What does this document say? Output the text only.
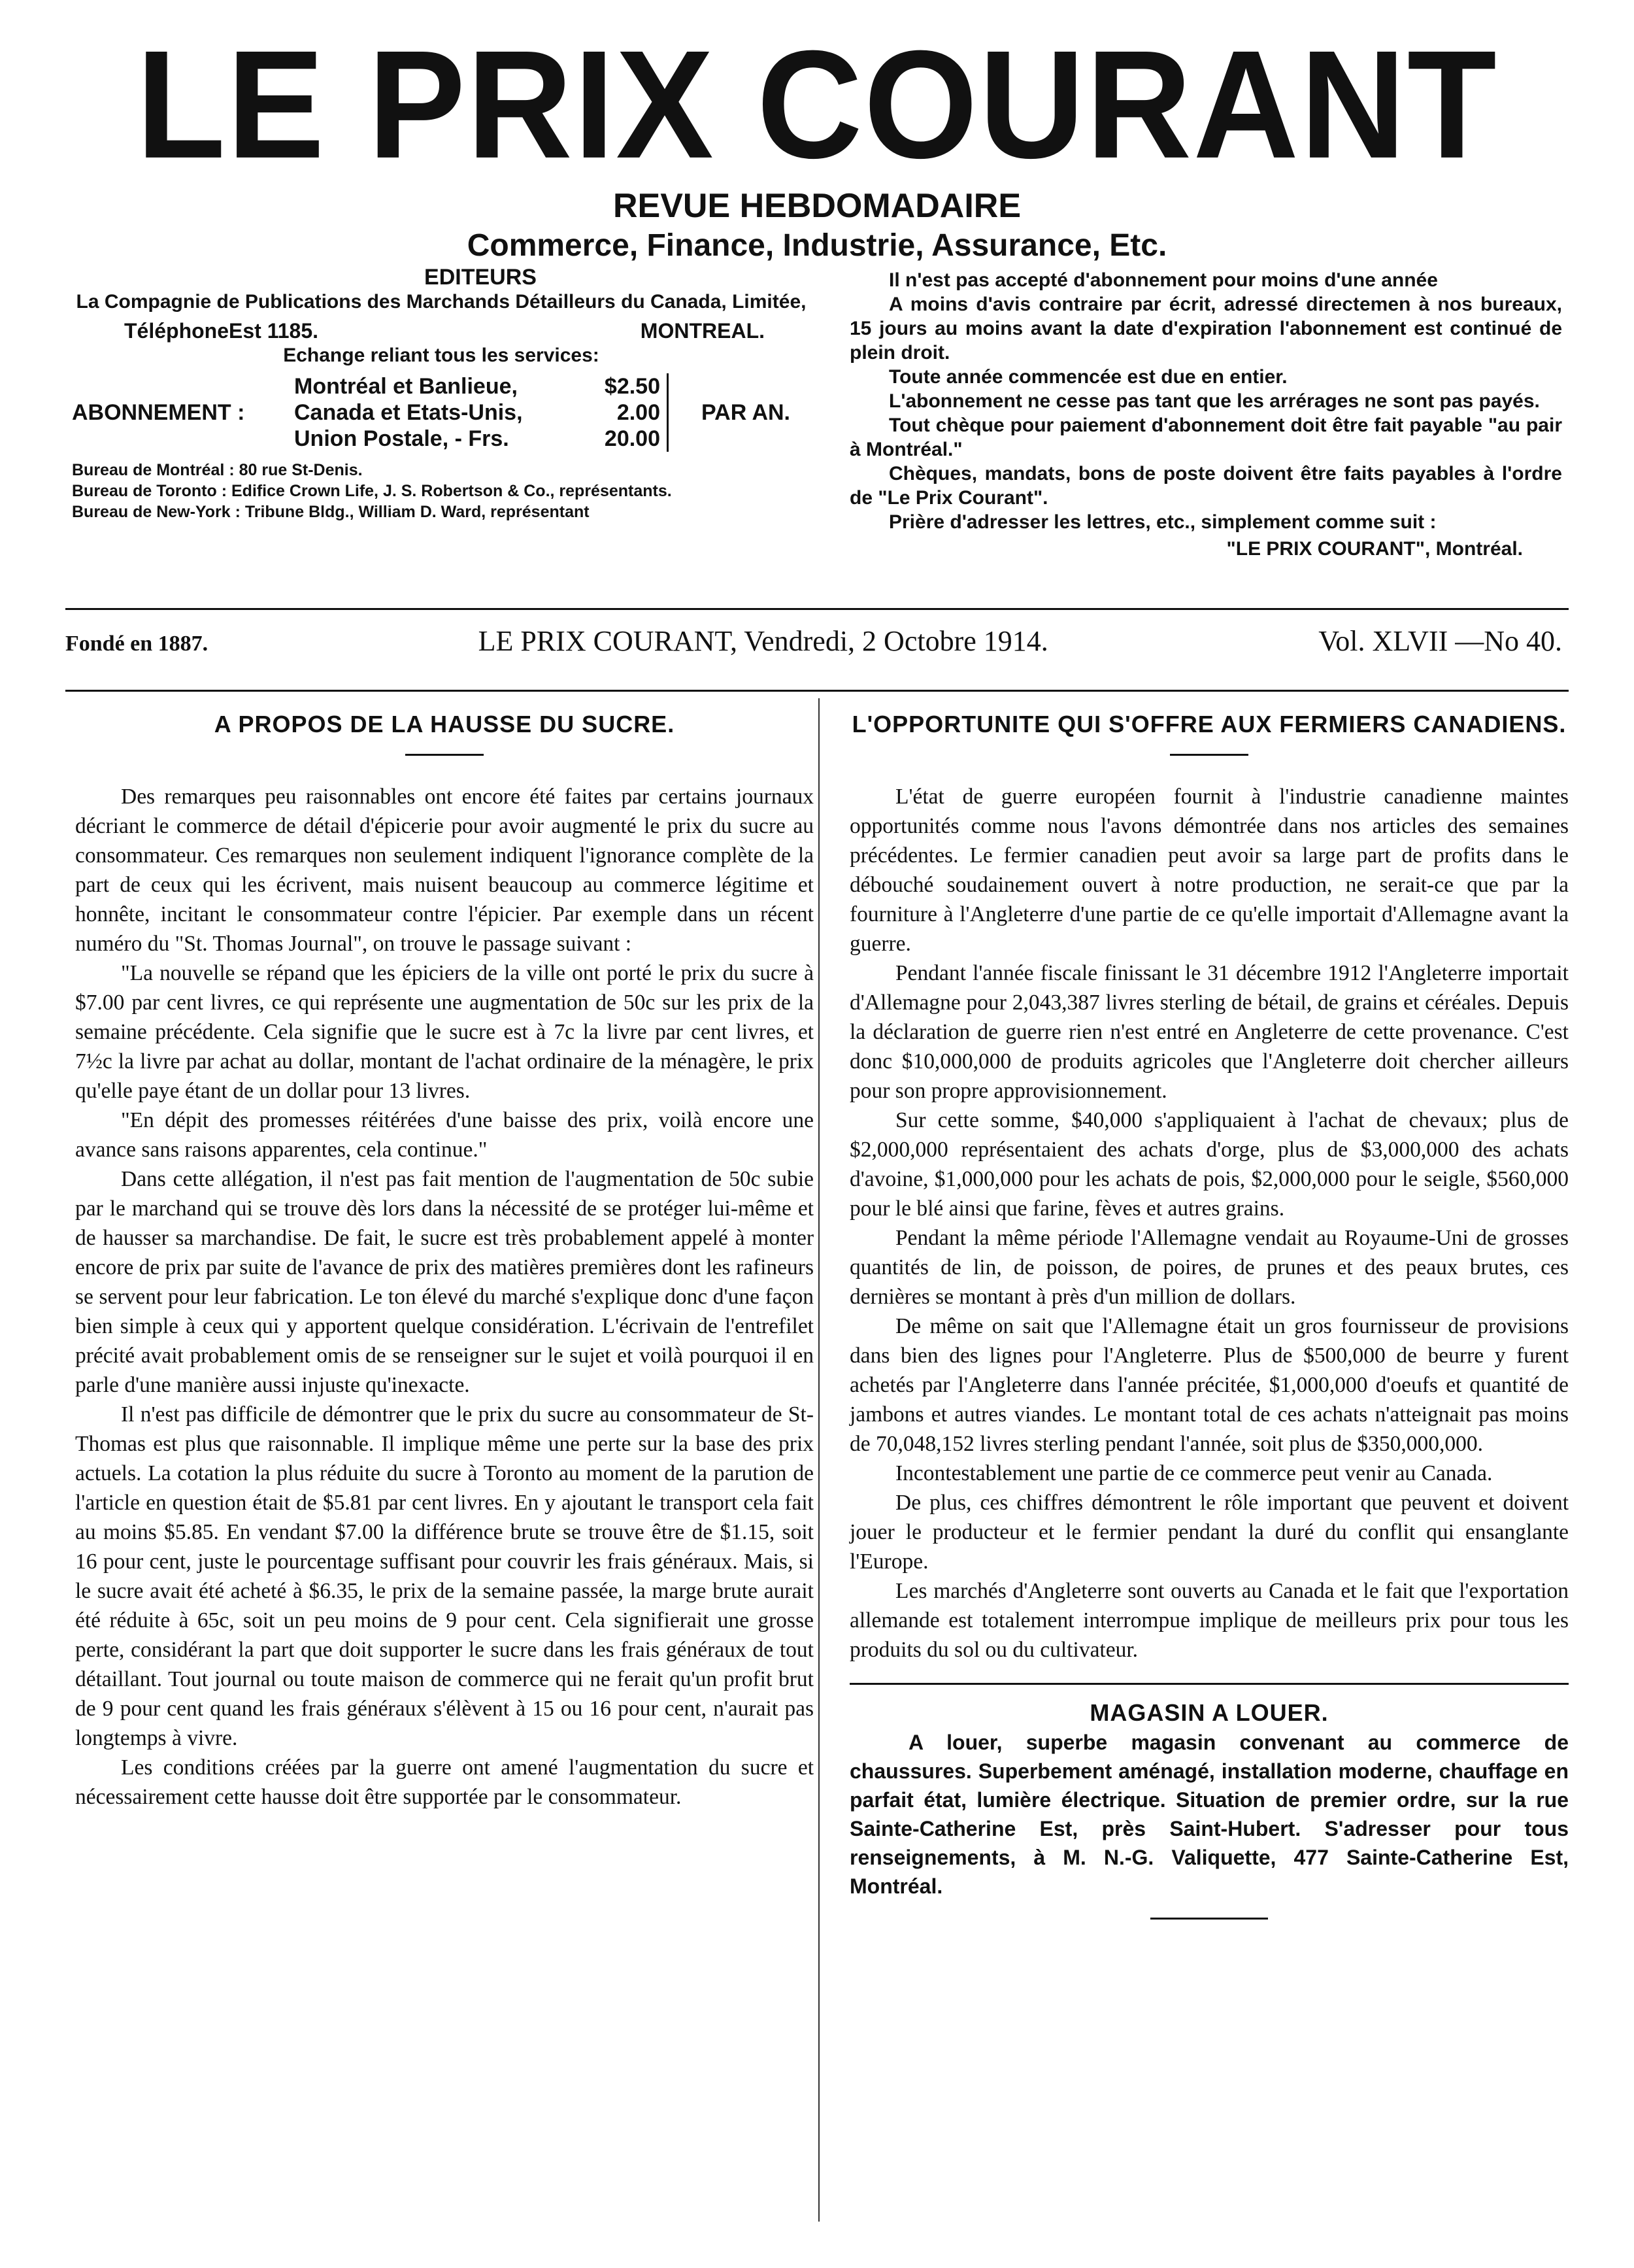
LE PRIX COURANT
REVUE HEBDOMADAIRE
Commerce, Finance, Industrie, Assurance, Etc.
EDITEURS
La Compagnie de Publications des Marchands Détailleurs du Canada, Limitée,
TéléphoneEst 1185.	MONTREAL.
Echange reliant tous les services:
ABONNEMENT :
Montréal et Banlieue,	$2.50
Canada et Etats-Unis,	2.00
Union Postale, - Frs.	20.00
PAR AN.
Bureau de Montréal : 80 rue St-Denis.
Bureau de Toronto : Edifice Crown Life, J. S. Robertson & Co., représentants.
Bureau de New-York : Tribune Bldg., William D. Ward, représentant

Il n'est pas accepté d'abonnement pour moins d'une année

A moins d'avis contraire par écrit, adressé directemen à nos bureaux, 15 jours au moins avant la date d'expiration l'abonnement est continué de plein droit.

Toute année commencée est due en entier.

L'abonnement ne cesse pas tant que les arrérages ne sont pas payés.

Tout chèque pour paiement d'abonnement doit être fait payable "au pair à Montréal."

Chèques, mandats, bons de poste doivent être faits payables à l'ordre de "Le Prix Courant".

Prière d'adresser les lettres, etc., simplement comme suit :

"LE PRIX COURANT", Montréal.
Fondé en 1887.	LE PRIX COURANT, Vendredi, 2 Octobre 1914.	Vol. XLVII —No 40.
A PROPOS DE LA HAUSSE DU SUCRE.

Des remarques peu raisonnables ont encore été faites par certains journaux décriant le commerce de détail d'épicerie pour avoir augmenté le prix du sucre au consommateur. Ces remarques non seulement indiquent l'ignorance complète de la part de ceux qui les écrivent, mais nuisent beaucoup au commerce légitime et honnête, incitant le consommateur contre l'épicier. Par exemple dans un récent numéro du "St. Thomas Journal", on trouve le passage suivant :

"La nouvelle se répand que les épiciers de la ville ont porté le prix du sucre à $7.00 par cent livres, ce qui représente une augmentation de 50c sur les prix de la semaine précédente. Cela signifie que le sucre est à 7c la livre par cent livres, et 7½c la livre par achat au dollar, montant de l'achat ordinaire de la ménagère, le prix qu'elle paye étant de un dollar pour 13 livres.

"En dépit des promesses réitérées d'une baisse des prix, voilà encore une avance sans raisons apparentes, cela continue."

Dans cette allégation, il n'est pas fait mention de l'augmentation de 50c subie par le marchand qui se trouve dès lors dans la nécessité de se protéger lui-même et de hausser sa marchandise. De fait, le sucre est très probablement appelé à monter encore de prix par suite de l'avance de prix des matières premières dont les rafineurs se servent pour leur fabrication. Le ton élevé du marché s'explique donc d'une façon bien simple à ceux qui y apportent quelque considération. L'écrivain de l'entrefilet précité avait probablement omis de se renseigner sur le sujet et voilà pourquoi il en parle d'une manière aussi injuste qu'inexacte.

Il n'est pas difficile de démontrer que le prix du sucre au consommateur de St-Thomas est plus que raisonnable. Il implique même une perte sur la base des prix actuels. La cotation la plus réduite du sucre à Toronto au moment de la parution de l'article en question était de $5.81 par cent livres. En y ajoutant le transport cela fait au moins $5.85. En vendant $7.00 la différence brute se trouve être de $1.15, soit 16 pour cent, juste le pourcentage suffisant pour couvrir les frais généraux. Mais, si le sucre avait été acheté à $6.35, le prix de la semaine passée, la marge brute aurait été réduite à 65c, soit un peu moins de 9 pour cent. Cela signifierait une grosse perte, considérant la part que doit supporter le sucre dans les frais généraux de tout détaillant. Tout journal ou toute maison de commerce qui ne ferait qu'un profit brut de 9 pour cent quand les frais généraux s'élèvent à 15 ou 16 pour cent, n'aurait pas longtemps à vivre.

Les conditions créées par la guerre ont amené l'augmentation du sucre et nécessairement cette hausse doit être supportée par le consommateur.

L'OPPORTUNITE QUI S'OFFRE AUX FERMIERS CANADIENS.

L'état de guerre européen fournit à l'industrie canadienne maintes opportunités comme nous l'avons démontrée dans nos articles des semaines précédentes. Le fermier canadien peut avoir sa large part de profits dans le débouché soudainement ouvert à notre production, ne serait-ce que par la fourniture à l'Angleterre d'une partie de ce qu'elle importait d'Allemagne avant la guerre.

Pendant l'année fiscale finissant le 31 décembre 1912 l'Angleterre importait d'Allemagne pour 2,043,387 livres sterling de bétail, de grains et céréales. Depuis la déclaration de guerre rien n'est entré en Angleterre de cette provenance. C'est donc $10,000,000 de produits agricoles que l'Angleterre doit chercher ailleurs pour son propre approvisionnement.

Sur cette somme, $40,000 s'appliquaient à l'achat de chevaux; plus de $2,000,000 représentaient des achats d'orge, plus de $3,000,000 des achats d'avoine, $1,000,000 pour les achats de pois, $2,000,000 pour le seigle, $560,000 pour le blé ainsi que farine, fèves et autres grains.

Pendant la même période l'Allemagne vendait au Royaume-Uni de grosses quantités de lin, de poisson, de poires, de prunes et des peaux brutes, ces dernières se montant à près d'un million de dollars.

De même on sait que l'Allemagne était un gros fournisseur de provisions dans bien des lignes pour l'Angleterre. Plus de $500,000 de beurre y furent achetés par l'Angleterre dans l'année précitée, $1,000,000 d'oeufs et quantité de jambons et autres viandes. Le montant total de ces achats n'atteignait pas moins de 70,048,152 livres sterling pendant l'année, soit plus de $350,000,000.

Incontestablement une partie de ce commerce peut venir au Canada.

De plus, ces chiffres démontrent le rôle important que peuvent et doivent jouer le producteur et le fermier pendant la duré du conflit qui ensanglante l'Europe.

Les marchés d'Angleterre sont ouverts au Canada et le fait que l'exportation allemande est totalement interrompue implique de meilleurs prix pour tous les produits du sol ou du cultivateur.

MAGASIN A LOUER.

A louer, superbe magasin convenant au commerce de chaussures. Superbement aménagé, installation moderne, chauffage en parfait état, lumière électrique. Situation de premier ordre, sur la rue Sainte-Catherine Est, près Saint-Hubert. S'adresser pour tous renseignements, à M. N.-G. Valiquette, 477 Sainte-Catherine Est, Montréal.
